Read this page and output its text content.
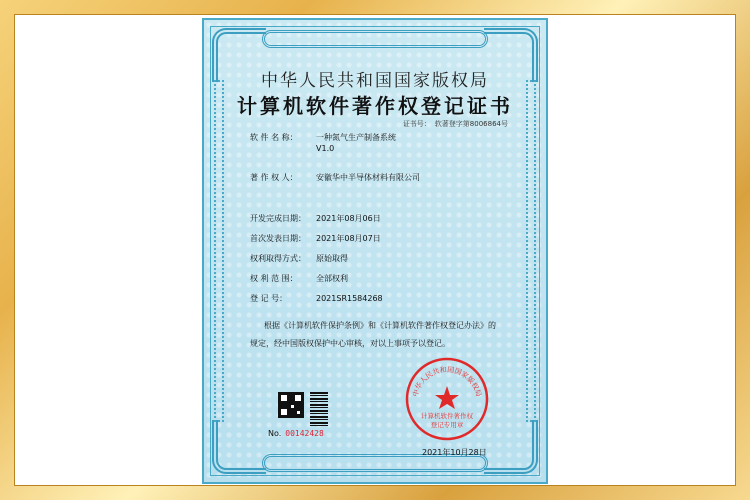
中华人民共和国国家版权局
计算机软件著作权登记证书
证书号： 软著登字第8006864号
软 件 名 称： 一种氮气生产制备系统
V1.0
著 作 权 人： 安徽华中半导体材料有限公司
开发完成日期： 2021年08月06日
首次发表日期： 2021年08月07日
权利取得方式： 原始取得
权 利 范 围： 全部权利
登 记 号：	2021SR1584268
根据《计算机软件保护条例》和《计算机软件著作权登记办法》的
规定，经中国版权保护中心审核，对以上事项予以登记。
No. 00142428
中华人民共和国国家版权局
计算机软件著作权
登记专用章
2021年10月28日
